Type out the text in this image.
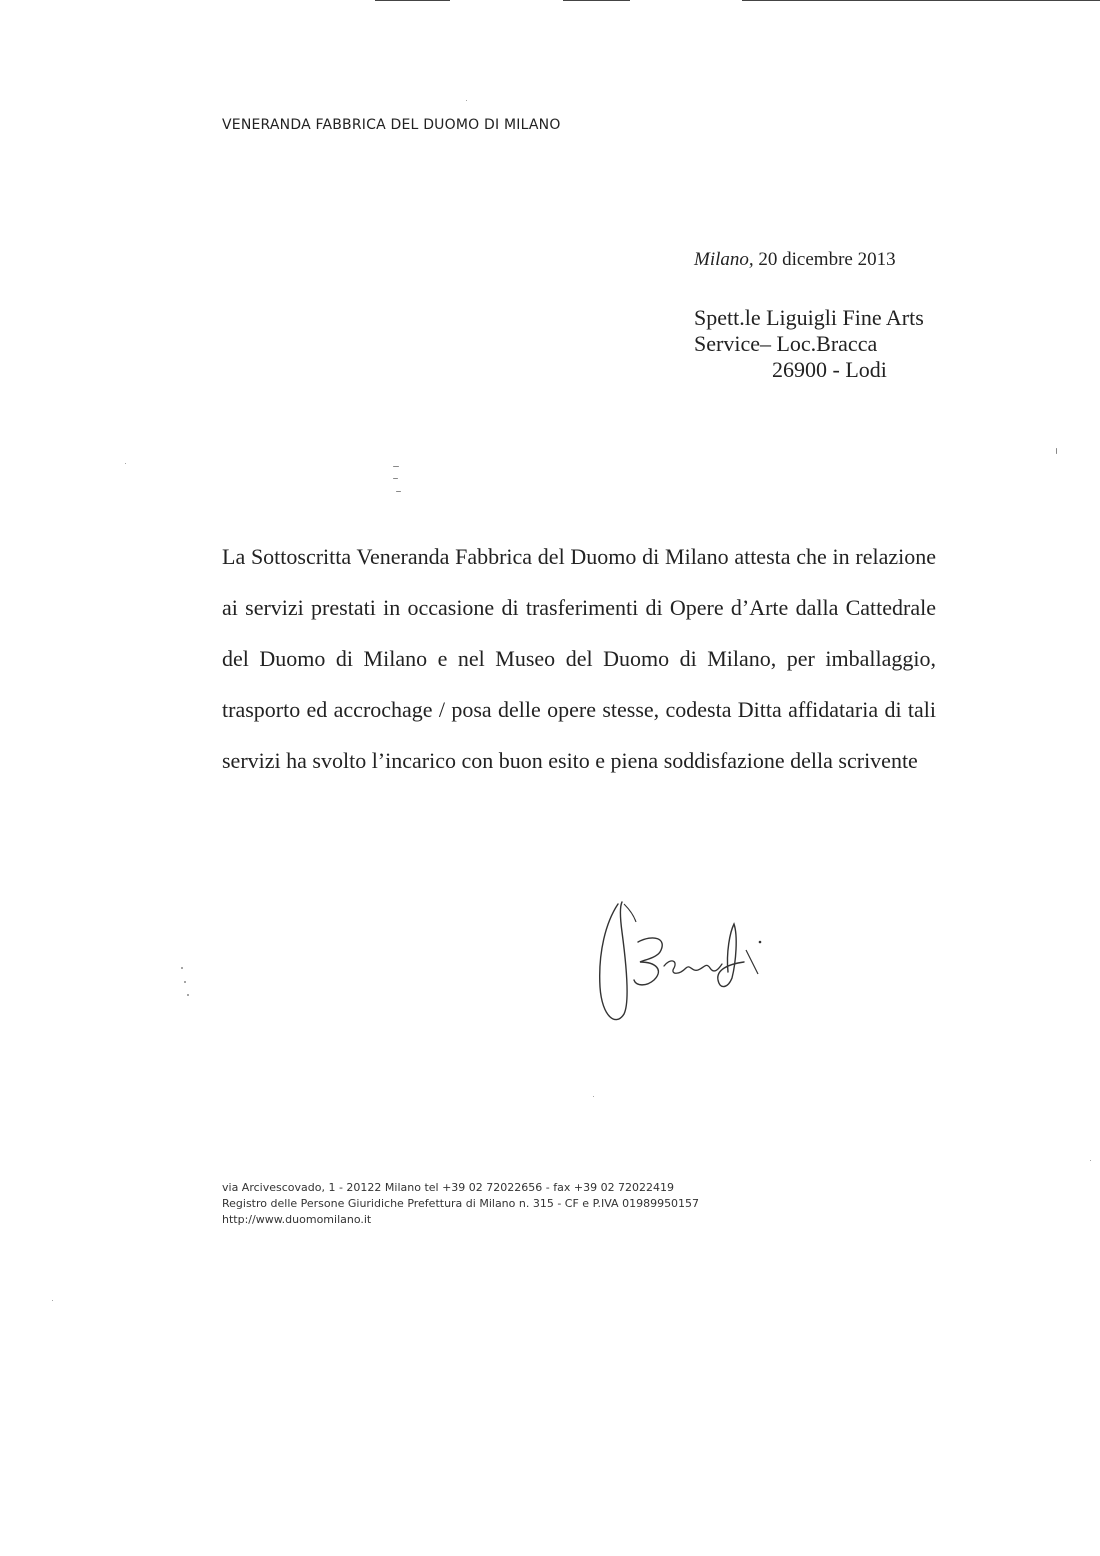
VENERANDA FABBRICA DEL DUOMO DI MILANO
Milano, 20 dicembre 2013
Spett.le Liguigli Fine Arts
Service– Loc.Bracca
26900 - Lodi
La Sottoscritta Veneranda Fabbrica del Duomo di Milano attesta che in relazione ai servizi prestati in occasione di trasferimenti di Opere d’Arte dalla Cattedrale del Duomo di Milano e nel Museo del Duomo di Milano, per imballaggio, trasporto ed accrochage / posa delle opere stesse, codesta Ditta affidataria di tali servizi ha svolto l’incarico con buon esito e piena soddisfazione della scrivente
via Arcivescovado, 1 - 20122 Milano tel +39 02 72022656 - fax +39 02 72022419
Registro delle Persone Giuridiche Prefettura di Milano n. 315 - CF e P.IVA 01989950157
http://www.duomomilano.it
